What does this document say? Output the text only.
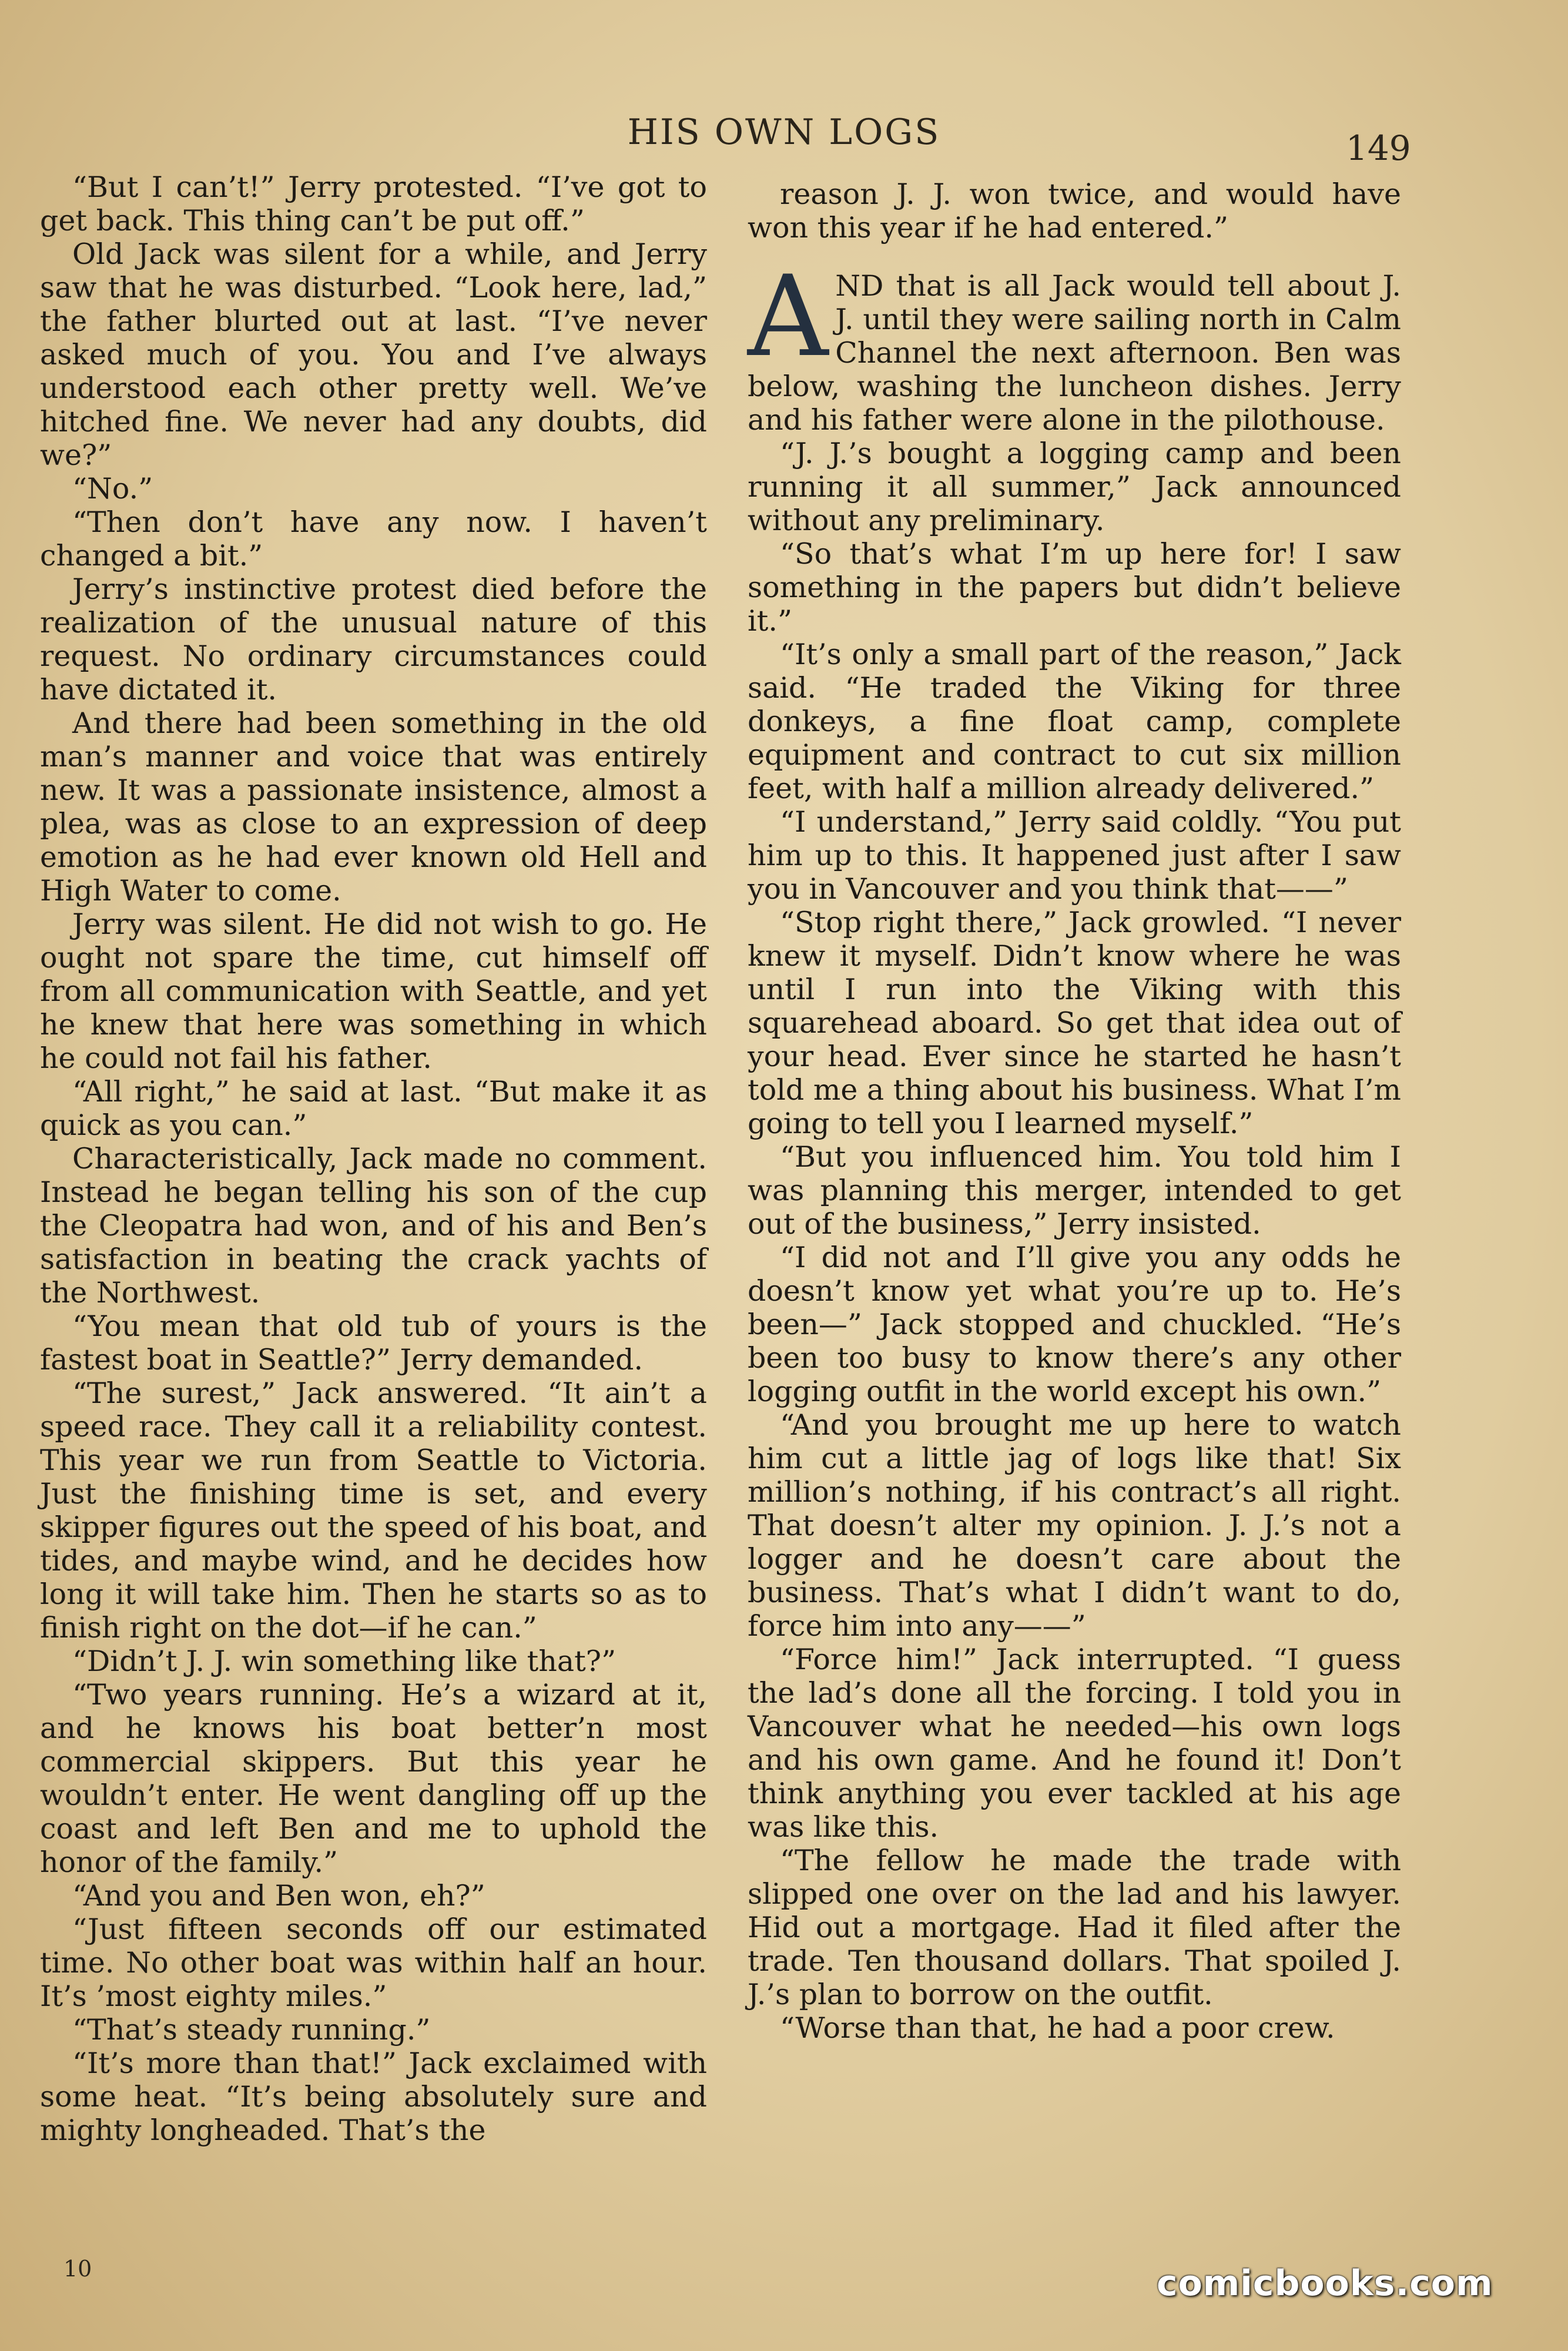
HIS OWN LOGS	149

“But I can’t!” Jerry protested. “I’ve got to get back. This thing can’t be put off.”

Old Jack was silent for a while, and Jerry saw that he was disturbed. “Look here, lad,” the father blurted out at last. “I’ve never asked much of you. You and I’ve always understood each other pretty well. We’ve hitched fine. We never had any doubts, did we?”

“No.”

“Then don’t have any now. I haven’t changed a bit.”

Jerry’s instinctive protest died before the realization of the unusual nature of this request. No ordinary circumstances could have dictated it.

And there had been something in the old man’s manner and voice that was entirely new. It was a passionate insistence, almost a plea, was as close to an expression of deep emotion as he had ever known old Hell and High Water to come.

Jerry was silent. He did not wish to go. He ought not spare the time, cut himself off from all communication with Seattle, and yet he knew that here was something in which he could not fail his father.

“All right,” he said at last. “But make it as quick as you can.”

Characteristically, Jack made no comment. Instead he began telling his son of the cup the Cleopatra had won, and of his and Ben’s satisfaction in beating the crack yachts of the Northwest.

“You mean that old tub of yours is the fastest boat in Seattle?” Jerry demanded.

“The surest,” Jack answered. “It ain’t a speed race. They call it a reliability contest. This year we run from Seattle to Victoria. Just the finishing time is set, and every skipper figures out the speed of his boat, and tides, and maybe wind, and he decides how long it will take him. Then he starts so as to finish right on the dot—if he can.”

“Didn’t J. J. win something like that?”

“Two years running. He’s a wizard at it, and he knows his boat better’n most commercial skippers. But this year he wouldn’t enter. He went dangling off up the coast and left Ben and me to uphold the honor of the family.”

“And you and Ben won, eh?”

“Just fifteen seconds off our estimated time. No other boat was within half an hour. It’s ’most eighty miles.”

“That’s steady running.”

“It’s more than that!” Jack exclaimed with some heat. “It’s being absolutely sure and mighty longheaded. That’s the

reason J. J. won twice, and would have won this year if he had entered.”

AND that is all Jack would tell about J. J. until they were sailing north in Calm Channel the next afternoon. Ben was below, washing the luncheon dishes. Jerry and his father were alone in the pilothouse.

“J. J.’s bought a logging camp and been running it all summer,” Jack announced without any preliminary.

“So that’s what I’m up here for! I saw something in the papers but didn’t believe it.”

“It’s only a small part of the reason,” Jack said. “He traded the Viking for three donkeys, a fine float camp, complete equipment and contract to cut six million feet, with half a million already delivered.”

“I understand,” Jerry said coldly. “You put him up to this. It happened just after I saw you in Vancouver and you think that——”

“Stop right there,” Jack growled. “I never knew it myself. Didn’t know where he was until I run into the Viking with this squarehead aboard. So get that idea out of your head. Ever since he started he hasn’t told me a thing about his business. What I’m going to tell you I learned myself.”

“But you influenced him. You told him I was planning this merger, intended to get out of the business,” Jerry insisted.

“I did not and I’ll give you any odds he doesn’t know yet what you’re up to. He’s been—” Jack stopped and chuckled. “He’s been too busy to know there’s any other logging outfit in the world except his own.”

“And you brought me up here to watch him cut a little jag of logs like that! Six million’s nothing, if his contract’s all right. That doesn’t alter my opinion. J. J.’s not a logger and he doesn’t care about the business. That’s what I didn’t want to do, force him into any——”

“Force him!” Jack interrupted. “I guess the lad’s done all the forcing. I told you in Vancouver what he needed—his own logs and his own game. And he found it! Don’t think anything you ever tackled at his age was like this.

“The fellow he made the trade with slipped one over on the lad and his lawyer. Hid out a mortgage. Had it filed after the trade. Ten thousand dollars. That spoiled J. J.’s plan to borrow on the outfit.

“Worse than that, he had a poor crew.

10	comicbooks.com
